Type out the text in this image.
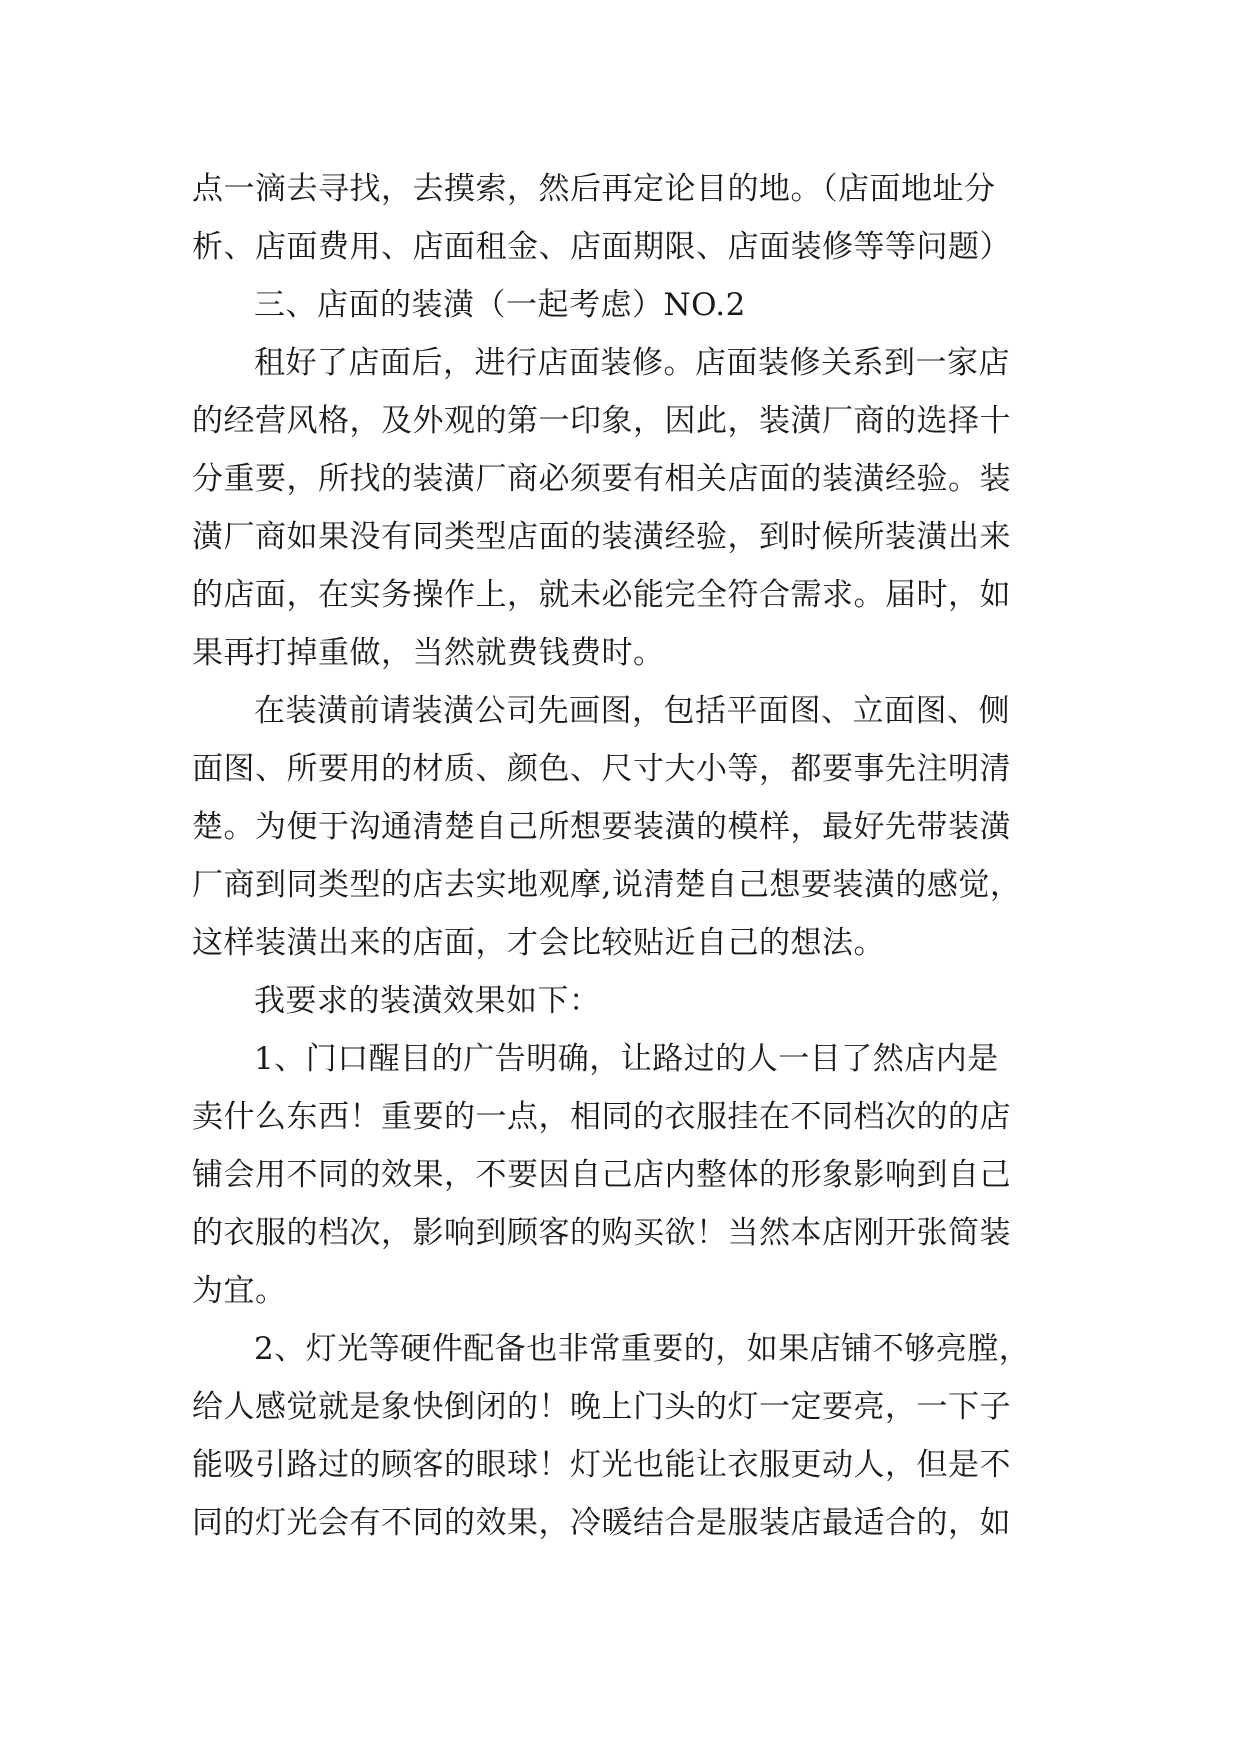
点一滴去寻找，去摸索，然后再定论目的地。（店面地址分
析、店面费用、店面租金、店面期限、店面装修等等问题）
三、店面的装潢（一起考虑）NO.2
租好了店面后，进行店面装修。店面装修关系到一家店
的经营风格，及外观的第一印象，因此，装潢厂商的选择十
分重要，所找的装潢厂商必须要有相关店面的装潢经验。装
潢厂商如果没有同类型店面的装潢经验，到时候所装潢出来
的店面，在实务操作上，就未必能完全符合需求。届时，如
果再打掉重做，当然就费钱费时。
在装潢前请装潢公司先画图，包括平面图、立面图、侧
面图、所要用的材质、颜色、尺寸大小等，都要事先注明清
楚。为便于沟通清楚自己所想要装潢的模样，最好先带装潢
厂商到同类型的店去实地观摩,说清楚自己想要装潢的感觉，
这样装潢出来的店面，才会比较贴近自己的想法。
我要求的装潢效果如下：
1、门口醒目的广告明确，让路过的人一目了然店内是
卖什么东西！重要的一点，相同的衣服挂在不同档次的的店
铺会用不同的效果，不要因自己店内整体的形象影响到自己
的衣服的档次，影响到顾客的购买欲！当然本店刚开张简装
为宜。
2、灯光等硬件配备也非常重要的，如果店铺不够亮膛，
给人感觉就是象快倒闭的！晚上门头的灯一定要亮，一下子
能吸引路过的顾客的眼球！灯光也能让衣服更动人，但是不
同的灯光会有不同的效果，冷暖结合是服装店最适合的，如
